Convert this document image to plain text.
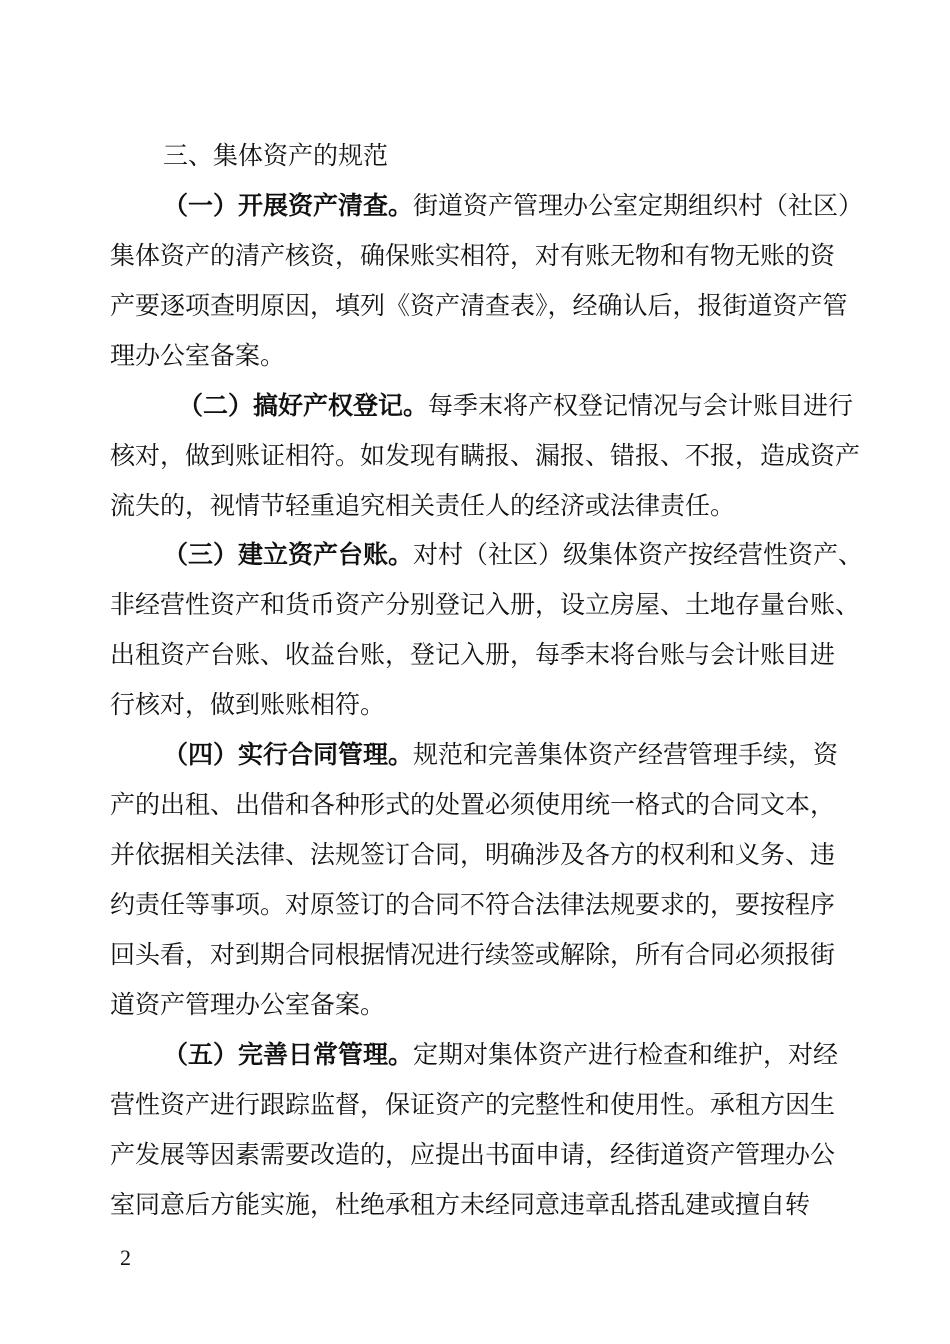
三、集体资产的规范
（一）开展资产清查。街道资产管理办公室定期组织村（社区）
集体资产的清产核资，确保账实相符，对有账无物和有物无账的资
产要逐项查明原因，填列《资产清查表》，经确认后，报街道资产管
理办公室备案。
（二）搞好产权登记。每季末将产权登记情况与会计账目进行
核对，做到账证相符。如发现有瞒报、漏报、错报、不报，造成资产
流失的，视情节轻重追究相关责任人的经济或法律责任。
（三）建立资产台账。对村（社区）级集体资产按经营性资产、
非经营性资产和货币资产分别登记入册，设立房屋、土地存量台账、
出租资产台账、收益台账，登记入册，每季末将台账与会计账目进
行核对，做到账账相符。
（四）实行合同管理。规范和完善集体资产经营管理手续，资
产的出租、出借和各种形式的处置必须使用统一格式的合同文本，
并依据相关法律、法规签订合同，明确涉及各方的权利和义务、违
约责任等事项。对原签订的合同不符合法律法规要求的，要按程序
回头看，对到期合同根据情况进行续签或解除，所有合同必须报街
道资产管理办公室备案。
（五）完善日常管理。定期对集体资产进行检查和维护，对经
营性资产进行跟踪监督，保证资产的完整性和使用性。承租方因生
产发展等因素需要改造的，应提出书面申请，经街道资产管理办公
室同意后方能实施，杜绝承租方未经同意违章乱搭乱建或擅自转
2
